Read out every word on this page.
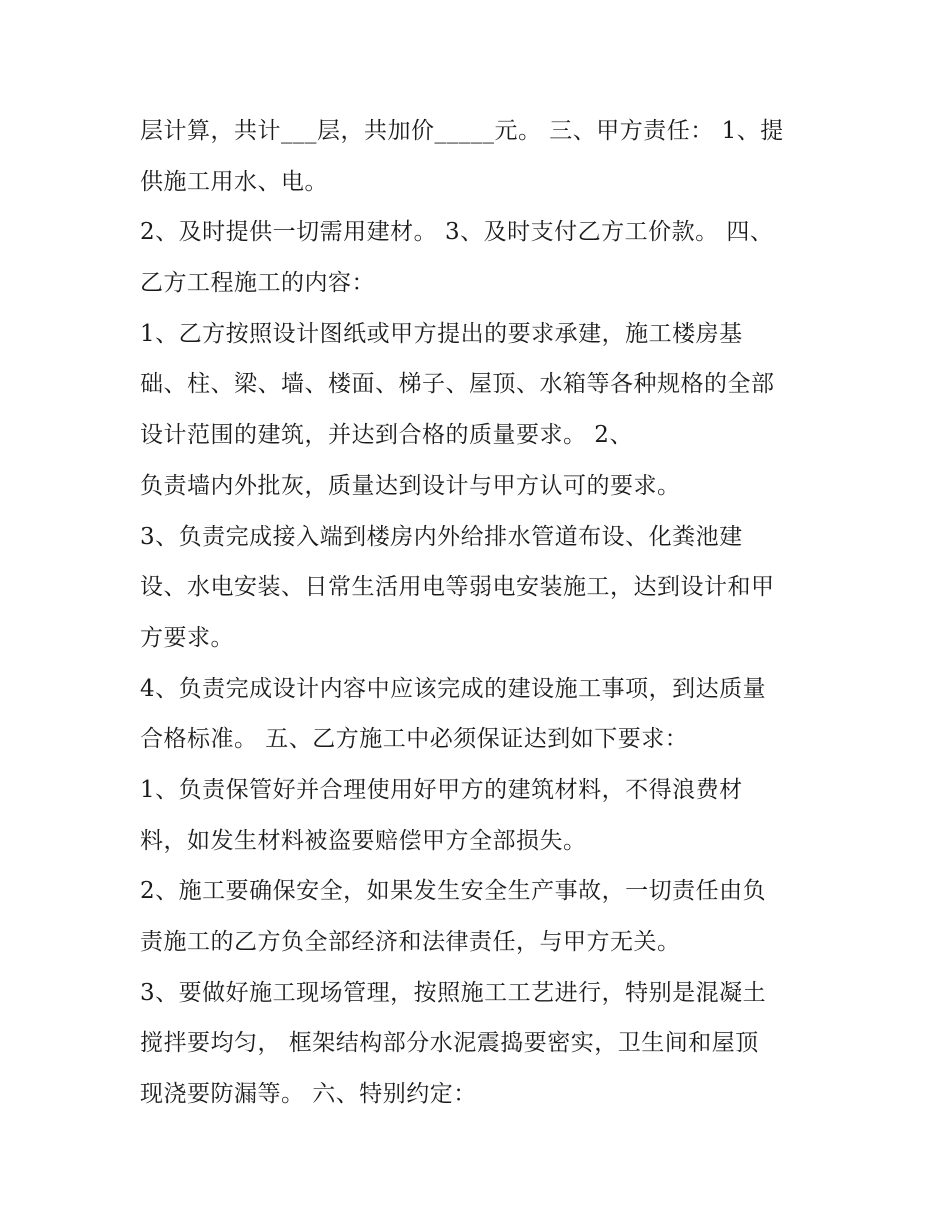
层计算，共计___层，共加价_____元。 三、甲方责任： 1、提
供施工用水、电。
2、及时提供一切需用建材。 3、及时支付乙方工价款。 四、
乙方工程施工的内容：
1、乙方按照设计图纸或甲方提出的要求承建，施工楼房基
础、柱、梁、墙、楼面、梯子、屋顶、水箱等各种规格的全部
设计范围的建筑，并达到合格的质量要求。 2、
负责墙内外批灰，质量达到设计与甲方认可的要求。
3、负责完成接入端到楼房内外给排水管道布设、化粪池建
设、水电安装、日常生活用电等弱电安装施工，达到设计和甲
方要求。
4、负责完成设计内容中应该完成的建设施工事项，到达质量
合格标准。 五、乙方施工中必须保证达到如下要求：
1、负责保管好并合理使用好甲方的建筑材料，不得浪费材
料，如发生材料被盗要赔偿甲方全部损失。
2、施工要确保安全，如果发生安全生产事故，一切责任由负
责施工的乙方负全部经济和法律责任，与甲方无关。
3、要做好施工现场管理，按照施工工艺进行，特别是混凝土
搅拌要均匀， 框架结构部分水泥震捣要密实，卫生间和屋顶
现浇要防漏等。 六、特别约定：
